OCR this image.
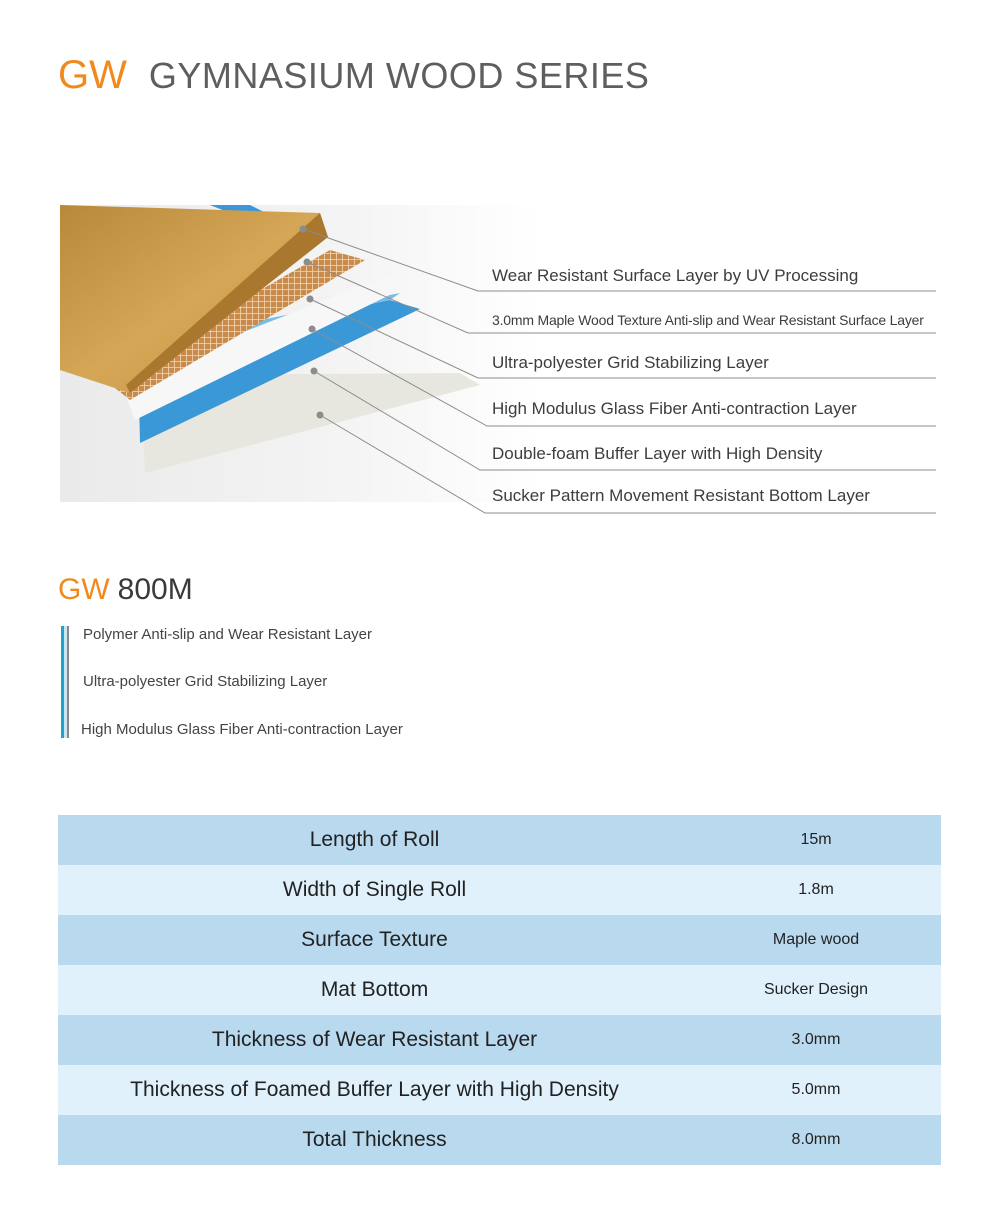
GW GYMNASIUM WOOD SERIES
Wear Resistant Surface Layer by UV Processing
3.0mm Maple Wood Texture Anti-slip and Wear Resistant Surface Layer
Ultra-polyester Grid Stabilizing Layer
High Modulus Glass Fiber Anti-contraction Layer
Double-foam Buffer Layer with High Density
Sucker Pattern Movement Resistant Bottom Layer
GW 800M
Polymer Anti-slip and Wear Resistant Layer
Ultra-polyester Grid Stabilizing Layer
High Modulus Glass Fiber Anti-contraction Layer
Length of Roll	15m
Width of Single Roll	1.8m
Surface Texture	Maple wood
Mat Bottom	Sucker Design
Thickness of Wear Resistant Layer	3.0mm
Thickness of Foamed Buffer Layer with High Density	5.0mm
Total Thickness	8.0mm
